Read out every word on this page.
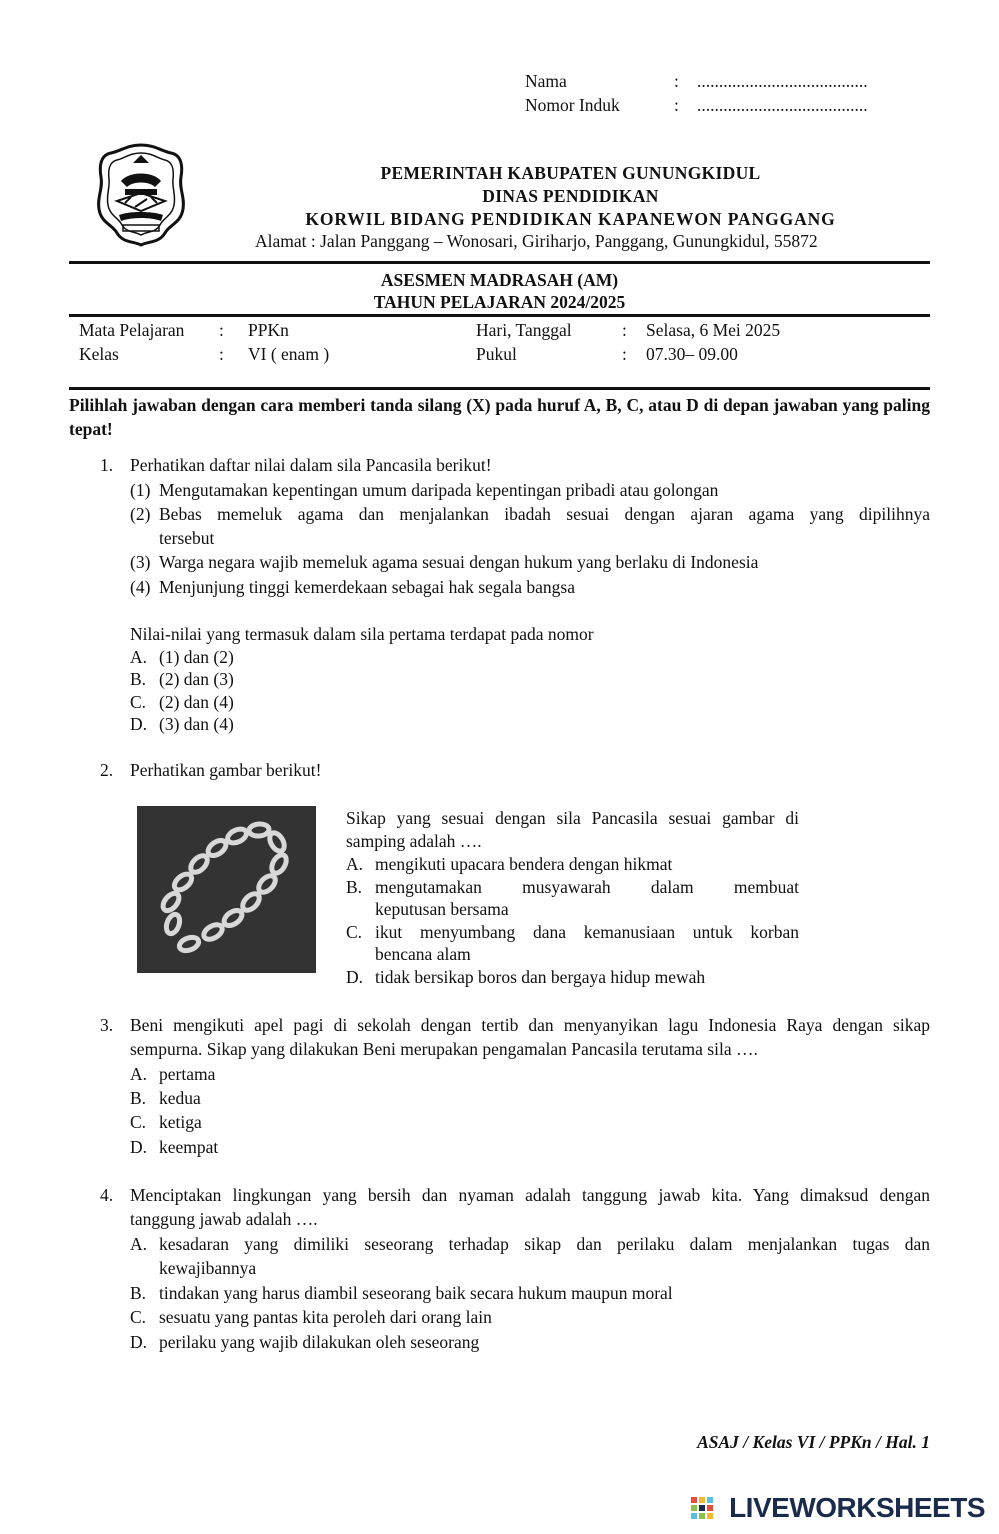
Nama	: .......................................
Nomor Induk	: .......................................
PEMERINTAH KABUPATEN GUNUNGKIDUL
DINAS PENDIDIKAN
KORWIL BIDANG PENDIDIKAN KAPANEWON PANGGANG
Alamat : Jalan Panggang – Wonosari, Giriharjo, Panggang, Gunungkidul, 55872
ASESMEN MADRASAH (AM)
TAHUN PELAJARAN 2024/2025
Mata Pelajaran : PPKn
Kelas	: VI ( enam )
Hari, Tanggal	: Selasa, 6 Mei 2025
Pukul	: 07.30– 09.00
Pilihlah jawaban dengan cara memberi tanda silang (X) pada huruf A, B, C, atau D di depan jawaban yang paling tepat!
1. Perhatikan daftar nilai dalam sila Pancasila berikut!
(1) Mengutamakan kepentingan umum daripada kepentingan pribadi atau golongan
(2) Bebas memeluk agama dan menjalankan ibadah sesuai dengan ajaran agama yang dipilihnya
tersebut
(3) Warga negara wajib memeluk agama sesuai dengan hukum yang berlaku di Indonesia
(4) Menjunjung tinggi kemerdekaan sebagai hak segala bangsa
Nilai-nilai yang termasuk dalam sila pertama terdapat pada nomor
A. (1) dan (2)
B. (2) dan (3)
C. (2) dan (4)
D. (3) dan (4)
2. Perhatikan gambar berikut!
Sikap yang sesuai dengan sila Pancasila sesuai gambar di
samping adalah ….
A. mengikuti upacara bendera dengan hikmat
B. mengutamakan musyawarah dalam membuat
keputusan bersama
C. ikut menyumbang dana kemanusiaan untuk korban
bencana alam
D. tidak bersikap boros dan bergaya hidup mewah
3. Beni mengikuti apel pagi di sekolah dengan tertib dan menyanyikan lagu Indonesia Raya dengan sikap
sempurna. Sikap yang dilakukan Beni merupakan pengamalan Pancasila terutama sila ….
A. pertama
B. kedua
C. ketiga
D. keempat
4. Menciptakan lingkungan yang bersih dan nyaman adalah tanggung jawab kita. Yang dimaksud dengan
tanggung jawab adalah ….
A. kesadaran yang dimiliki seseorang terhadap sikap dan perilaku dalam menjalankan tugas dan
kewajibannya
B. tindakan yang harus diambil seseorang baik secara hukum maupun moral
C. sesuatu yang pantas kita peroleh dari orang lain
D. perilaku yang wajib dilakukan oleh seseorang
ASAJ / Kelas VI / PPKn / Hal. 1
LIVEWORKSHEETS
